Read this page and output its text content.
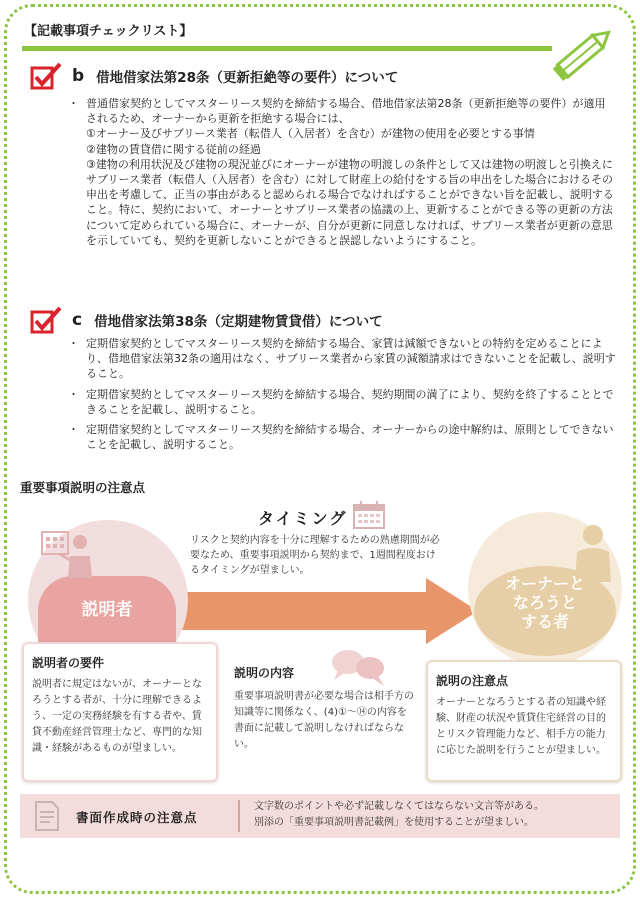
【記載事項チェックリスト】
b 借地借家法第28条（更新拒絶等の要件）について
・ 普通借家契約としてマスターリース契約を締結する場合、借地借家法第28条（更新拒絶等の要件）が適用されるため、オーナーから更新を拒絶する場合には、
①オーナー及びサブリース業者（転借人（入居者）を含む）が建物の使用を必要とする事情
②建物の賃貸借に関する従前の経過
③建物の利用状況及び建物の現況並びにオーナーが建物の明渡しの条件として又は建物の明渡しと引換えにサブリース業者（転借人（入居者）を含む）に対して財産上の給付をする旨の申出をした場合におけるその申出を考慮して、正当の事由があると認められる場合でなければすることができない旨を記載し、説明すること。特に、契約において、オーナーとサブリース業者の協議の上、更新することができる等の更新の方法について定められている場合に、オーナーが、自分が更新に同意しなければ、サブリース業者が更新の意思を示していても、契約を更新しないことができると誤認しないようにすること。
c 借地借家法第38条（定期建物賃貸借）について
・ 定期借家契約としてマスターリース契約を締結する場合、家賃は減額できないとの特約を定めることにより、借地借家法第32条の適用はなく、サブリース業者から家賃の減額請求はできないことを記載し、説明すること。
・ 定期借家契約としてマスターリース契約を締結する場合、契約期間の満了により、契約を終了することとできることを記載し、説明すること。
・ 定期借家契約としてマスターリース契約を締結する場合、オーナーからの途中解約は、原則としてできないことを記載し、説明すること。
重要事項説明の注意点
タイミング
リスクと契約内容を十分に理解するための熟慮期間が必要なため、重要事項説明から契約まで、1週間程度おけるタイミングが望ましい。
説明者
オーナーと
なろうと
する者
説明者の要件

説明者に規定はないが、オーナーとなろうとする者が、十分に理解できるよう、一定の実務経験を有する者や、賃貸不動産経営管理士など、専門的な知識・経験があるものが望ましい。

説明の内容

重要事項説明書が必要な場合は相手方の知識等に関係なく、(4)①～⑭の内容を書面に記載して説明しなければならない。

説明の注意点

オーナーとなろうとする者の知識や経験、財産の状況や賃貸住宅経営の目的とリスク管理能力など、相手方の能力に応じた説明を行うことが望ましい。

書面作成時の注意点
文字数のポイントや必ず記載しなくてはならない文言等がある。
別添の「重要事項説明書記載例」を使用することが望ましい。
